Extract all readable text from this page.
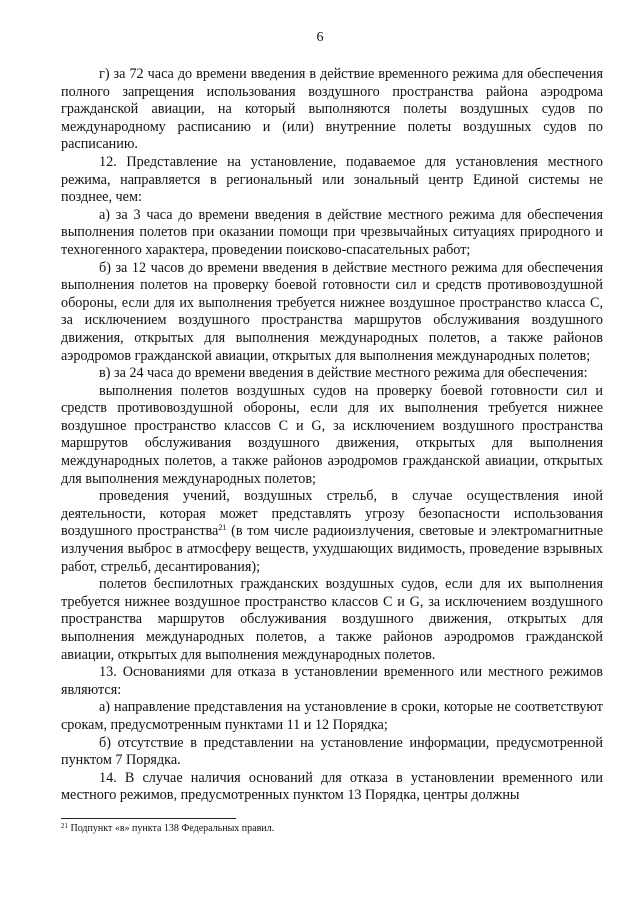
6

г) за 72 часа до времени введения в действие временного режима для обеспечения полного запрещения использования воздушного пространства района аэродрома гражданской авиации, на который выполняются полеты воздушных судов по международному расписанию и (или) внутренние полеты воздушных судов по расписанию.

12. Представление на установление, подаваемое для установления местного режима, направляется в региональный или зональный центр Единой системы не позднее, чем:

а) за 3 часа до времени введения в действие местного режима для обеспечения выполнения полетов при оказании помощи при чрезвычайных ситуациях природного и техногенного характера, проведении поисково-спасательных работ;

б) за 12 часов до времени введения в действие местного режима для обеспечения выполнения полетов на проверку боевой готовности сил и средств противовоздушной обороны, если для их выполнения требуется нижнее воздушное пространство класса С, за исключением воздушного пространства маршрутов обслуживания воздушного движения, открытых для выполнения международных полетов, а также районов аэродромов гражданской авиации, открытых для выполнения международных полетов;

в) за 24 часа до времени введения в действие местного режима для обеспечения:

выполнения полетов воздушных судов на проверку боевой готовности сил и средств противовоздушной обороны, если для их выполнения требуется нижнее воздушное пространство классов С и G, за исключением воздушного пространства маршрутов обслуживания воздушного движения, открытых для выполнения международных полетов, а также районов аэродромов гражданской авиации, открытых для выполнения международных полетов;

проведения учений, воздушных стрельб, в случае осуществления иной деятельности, которая может представлять угрозу безопасности использования воздушного пространства$^{21}$ (в том числе радиоизлучения, световые и электромагнитные излучения выброс в атмосферу веществ, ухудшающих видимость, проведение взрывных работ, стрельб, десантирования);

полетов беспилотных гражданских воздушных судов, если для их выполнения требуется нижнее воздушное пространство классов С и G, за исключением воздушного пространства маршрутов обслуживания воздушного движения, открытых для выполнения международных полетов, а также районов аэродромов гражданской авиации, открытых для выполнения международных полетов.

13. Основаниями для отказа в установлении временного или местного режимов являются:

а) направление представления на установление в сроки, которые не соответствуют срокам, предусмотренным пунктами 11 и 12 Порядка;

б) отсутствие в представлении на установление информации, предусмотренной пунктом 7 Порядка.

14. В случае наличия оснований для отказа в установлении временного или местного режимов, предусмотренных пунктом 13 Порядка, центры должны

$^{21}$ Подпункт «в» пункта 138 Федеральных правил.
